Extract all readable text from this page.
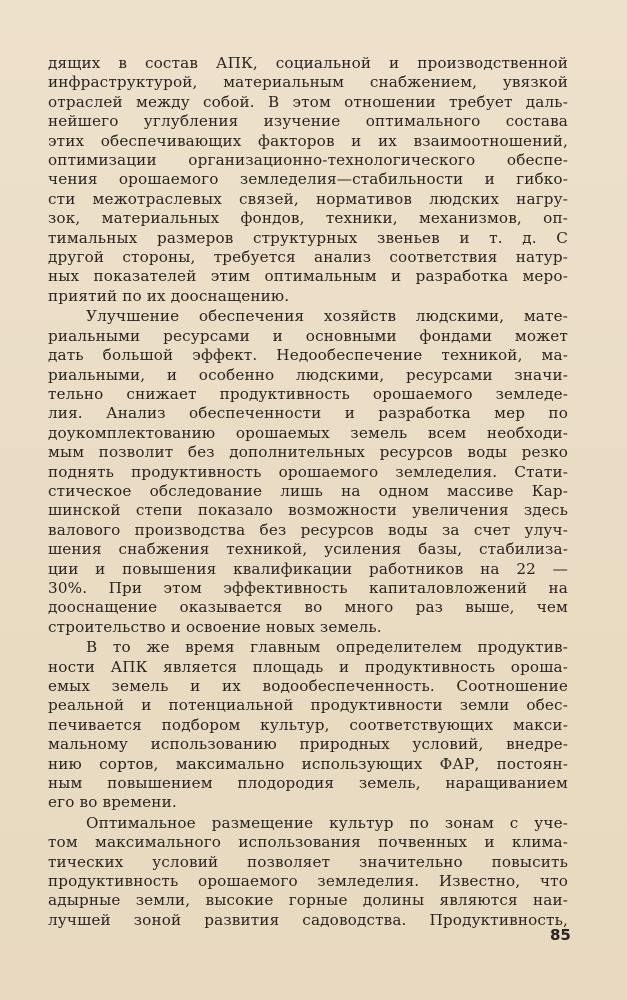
дящих в состав АПК, социальной и производственной
инфраструктурой, материальным снабжением, увязкой
отраслей между собой. В этом отношении требует даль-
нейшего углубления изучение оптимального состава
этих обеспечивающих факторов и их взаимоотношений,
оптимизации организационно-технологического обеспе-
чения орошаемого земледелия—стабильности и гибко-
сти межотраслевых связей, нормативов людских нагру-
зок, материальных фондов, техники, механизмов, оп-
тимальных размеров структурных звеньев и т. д. С
другой стороны, требуется анализ соответствия натур-
ных показателей этим оптимальным и разработка меро-
приятий по их дооснащению.

Улучшение обеспечения хозяйств людскими, мате-
риальными ресурсами и основными фондами может
дать большой эффект. Недообеспечение техникой, ма-
риальными, и особенно людскими, ресурсами значи-
тельно снижает продуктивность орошаемого земледе-
лия. Анализ обеспеченности и разработка мер по
доукомплектованию орошаемых земель всем необходи-
мым позволит без дополнительных ресурсов воды резко
поднять продуктивность орошаемого земледелия. Стати-
стическое обследование лишь на одном массиве Кар-
шинской степи показало возможности увеличения здесь
валового производства без ресурсов воды за счет улуч-
шения снабжения техникой, усиления базы, стабилиза-
ции и повышения квалификации работников на 22 —
30%. При этом эффективность капиталовложений на
дооснащение оказывается во много раз выше, чем
строительство и освоение новых земель.

В то же время главным определителем продуктив-
ности АПК является площадь и продуктивность ороша-
емых земель и их водообеспеченность. Соотношение
реальной и потенциальной продуктивности земли обес-
печивается подбором культур, соответствующих макси-
мальному использованию природных условий, внедре-
нию сортов, максимально использующих ФАР, постоян-
ным повышением плодородия земель, наращиванием
его во времени.

Оптимальное размещение культур по зонам с уче-
том максимального использования почвенных и клима-
тических условий позволяет значительно повысить
продуктивность орошаемого земледелия. Известно, что
адырные земли, высокие горные долины являются наи-
лучшей зоной развития садоводства. Продуктивность,

85
